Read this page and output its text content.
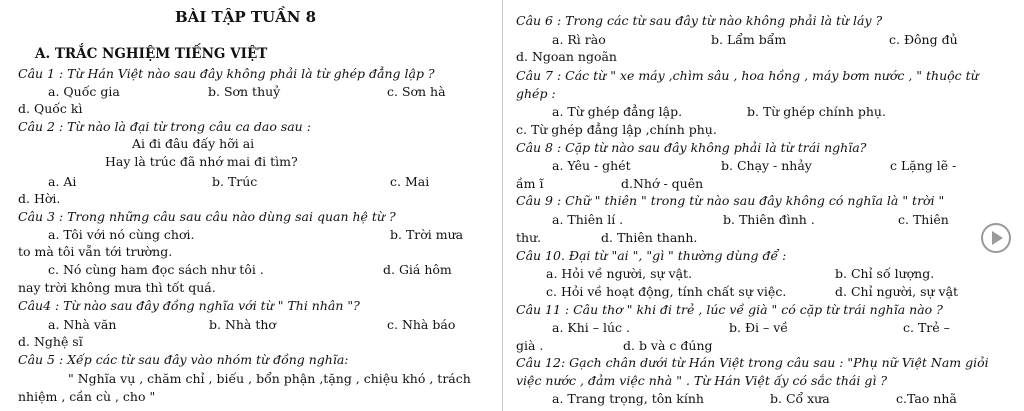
BÀI TẬP TUẦN 8
A. TRẮC NGHIỆM TIẾNG VIỆT
Câu 1 : Từ Hán Việt nào sau đây không phải là từ ghép đẳng lập ?
a. Quốc gia	b. Sơn thuỷ	c. Sơn hà
d. Quốc kì
Câu 2 : Từ nào là đại từ trong câu ca dao sau :
Ai đi đâu đấy hỡi ai
Hay là trúc đã nhớ mai đi tìm?
a. Ai	b. Trúc	c. Mai
d. Hời.
Câu 3 : Trong những câu sau câu nào dùng sai quan hệ từ ?
a. Tôi với nó cùng chơi.	b. Trời mưa
to mà tôi vẫn tới trường.
c. Nó cùng ham đọc sách như tôi .	d. Giá hôm
nay trời không mưa thì tốt quá.
Câu4 : Từ nào sau đây đồng nghĩa với từ " Thi nhân "?
a. Nhà văn	b. Nhà thơ	c. Nhà báo
d. Nghệ sĩ
Câu 5 : Xếp các từ sau đây vào nhóm từ đồng nghĩa:
" Nghĩa vụ , chăm chỉ , biếu , bổn phận ,tặng , chiệu khó , trách
nhiệm , cần cù , cho "
Câu 6 : Trong các từ sau đây từ nào không phải là từ láy ?
a. Rì rào	b. Lẩm bẩm	c. Đông đủ
d. Ngoan ngoãn
Câu 7 : Các từ " xe máy ,chìm sâu , hoa hồng , máy bơm nước , " thuộc từ
ghép :
a. Từ ghép đẳng lập.	b. Từ ghép chính phụ.
c. Từ ghép đẳng lập ,chính phụ.
Câu 8 : Cặp từ nào sau đây không phải là từ trái nghĩa?
a. Yêu - ghét	b. Chạy - nhảy	c Lặng lẽ -
ầm ĩ	d.Nhớ - quên
Câu 9 : Chữ " thiên " trong từ nào sau đây không có nghĩa là " trời "
a. Thiên lí .	b. Thiên đình .	c. Thiên
thư.	d. Thiên thanh.
Câu 10. Đại từ "ai ", "gì " thường dùng để :
a. Hỏi về người, sự vật.	b. Chỉ số lượng.
c. Hỏi về hoạt động, tính chất sự việc.	d. Chỉ người, sự vật
Câu 11 : Câu thơ " khi đi trẻ , lúc về già " có cặp từ trái nghĩa nào ?
a. Khi – lúc .	b. Đi – về	c. Trẻ –
già .	d. b và c đúng
Câu 12: Gạch chân dưới từ Hán Việt trong câu sau : "Phụ nữ Việt Nam giỏi
việc nước , đảm việc nhà " . Từ Hán Việt ấy có sắc thái gì ?
a. Trang trọng, tôn kính	b. Cổ xưa	c.Tao nhã
